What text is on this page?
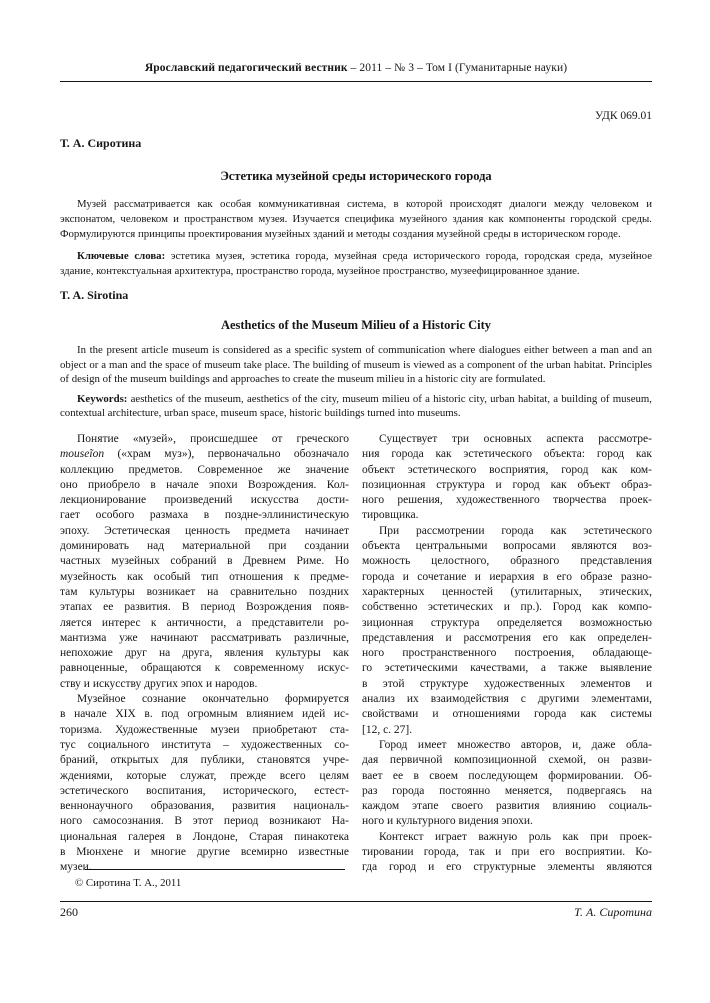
Ярославский педагогический вестник – 2011 – № 3 – Том I (Гуманитарные науки)
УДК 069.01
Т. А. Сиротина
Эстетика музейной среды исторического города

Музей рассматривается как особая коммуникативная система, в которой происходят диалоги между человеком и экспонатом, человеком и пространством музея. Изучается специфика музейного здания как компоненты городской среды. Формулируются принципы проектирования музейных зданий и методы создания музейной среды в историческом городе.

Ключевые слова: эстетика музея, эстетика города, музейная среда исторического города, городская среда, музейное здание, контекстуальная архитектура, пространство города, музейное пространство, музеефицированное здание.

T. A. Sirotina
Aesthetics of the Museum Milieu of a Historic City

In the present article museum is considered as a specific system of communication where dialogues either between a man and an object or a man and the space of museum take place. The building of museum is viewed as a component of the urban habitat. Principles of design of the museum buildings and approaches to create the museum milieu in a historic city are formulated.

Keywords: aesthetics of the museum, aesthetics of the city, museum milieu of a historic city, urban habitat, a building of museum, contextual architecture, urban space, museum space, historic buildings turned into museums.

Понятие «музей», происшедшее от греческого
mouseĩon («храм муз»), первоначально обозначало
коллекцию предметов. Современное же значение
оно приобрело в начале эпохи Возрождения. Кол-
лекционирование произведений искусства дости-
гает особого размаха в поздне-эллинистическую
эпоху. Эстетическая ценность предмета начинает
доминировать над материальной при создании
частных музейных собраний в Древнем Риме. Но
музейность как особый тип отношения к предме-
там культуры возникает на сравнительно поздних
этапах ее развития. В период Возрождения появ-
ляется интерес к античности, а представители ро-
мантизма уже начинают рассматривать различные,
непохожие друг на друга, явления культуры как
равноценные, обращаются к современному искус-
ству и искусству других эпох и народов.
Музейное сознание окончательно формируется
в начале XIX в. под огромным влиянием идей ис-
торизма. Художественные музеи приобретают ста-
тус социального института – художественных со-
браний, открытых для публики, становятся учре-
ждениями, которые служат, прежде всего целям
эстетического воспитания, исторического, естест-
веннонаучного образования, развития националь-
ного самосознания. В этот период возникают На-
циональная галерея в Лондоне, Старая пинакотека
в Мюнхене и многие другие всемирно известные
музеи.
Существует три основных аспекта рассмотре-
ния города как эстетического объекта: город как
объект эстетического восприятия, город как ком-
позиционная структура и город как объект образ-
ного решения, художественного творчества проек-
тировщика.
При рассмотрении города как эстетического
объекта центральными вопросами являются воз-
можность целостного, образного представления
города и сочетание и иерархия в его образе разно-
характерных ценностей (утилитарных, этических,
собственно эстетических и пр.). Город как компо-
зиционная структура определяется возможностью
представления и рассмотрения его как определен-
ного пространственного построения, обладающе-
го эстетическими качествами, а также выявление
в этой структуре художественных элементов и
анализ их взаимодействия с другими элементами,
свойствами и отношениями города как системы
[12, с. 27].
Город имеет множество авторов, и, даже обла-
дая первичной композиционной схемой, он разви-
вает ее в своем последующем формировании. Об-
раз города постоянно меняется, подвергаясь на
каждом этапе своего развития влиянию социаль-
ного и культурного видения эпохи.
Контекст играет важную роль как при проек-
тировании города, так и при его восприятии. Ко-
гда город и его структурные элементы являются
© Сиротина Т. А., 2011
260	Т. А. Сиротина
